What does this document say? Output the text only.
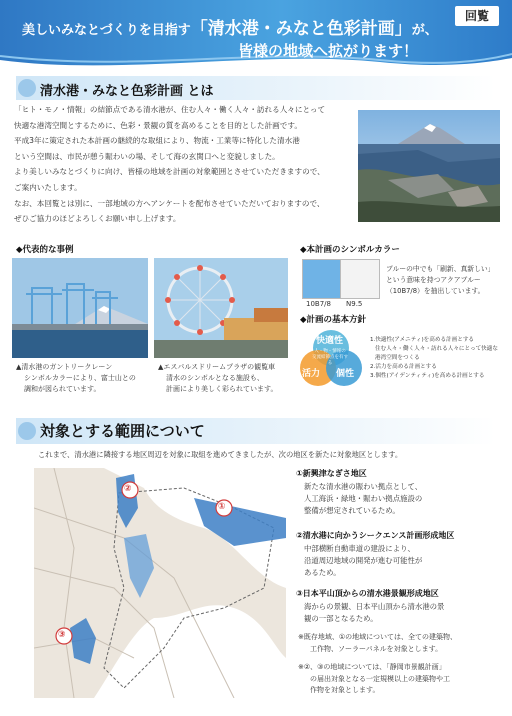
美しいみなとづくりを目指す「清水港・みなと色彩計画」が、
皆様の地域へ拡がります！
回覧
清水港・みなと色彩計画 とは

「ヒト・モノ・情報」の結節点である清水港が、住む人々・働く人々・訪れる人々にとって

快適な港湾空間とするために、色彩・景観の質を高めることを目的とした計画です。

平成3年に策定された本計画の継続的な取組により、物流・工業等に特化した清水港

という空間は、市民が憩う賑わいの場、そして海の玄関口へと変貌しました。

より美しいみなとづくりに向け、皆様の地域を計画の対象範囲とさせていただきますので、

ご案内いたします。

なお、本回覧とは別に、一部地域の方へアンケートを配布させていただいておりますので、

ぜひご協力のほどよろしくお願い申し上げます。

◆代表的な事例
▲清水港のガントリークレーン
シンボルカラーにより、富士山との
調和が図られています。
▲エスパルスドリームプラザの観覧車
清水のシンボルとなる施設も、
計画により美しく彩られています。
◆本計画のシンボルカラー
10B7/8 N9.5
ブルーの中でも「刷新、真新しい」
という意味を持つアクアブルー
（10B7/8）を抽出しています。
◆計画の基本方針
快適性
活力 個性
人・物・情報の
交流結節点を有する
1.快適性(アメニティ)を高める計画とする
住む人々・働く人々・訪れる人々にとって快適な
港湾空間をつくる
2.活力を高める計画とする
3.個性(アイデンティティ)を高める計画とする
対象とする範囲について
これまで、清水港に隣接する地区周辺を対象に取組を進めてきましたが、次の地区を新たに対象地区とします。
①
②
③
①新興津なぎさ地区
新たな清水港の賑わい拠点として、
人工海浜・緑地・賑わい拠点施設の
整備が想定されているため。
②清水港に向かうシークエンス計画形成地区
中部横断自動車道の建設により、
沿道周辺地域の開発が進む可能性が
あるため。
③日本平山頂からの清水港景観形成地区
海からの景観、日本平山頂から清水港の景
観の一部となるため。
※既存地域、①の地域については、全ての建築物、
工作物、ソーラーパネルを対象とします。
※②、③の地域については、「静岡市景観計画」
の届出対象となる一定規模以上の建築物や工
作物を対象とします。
